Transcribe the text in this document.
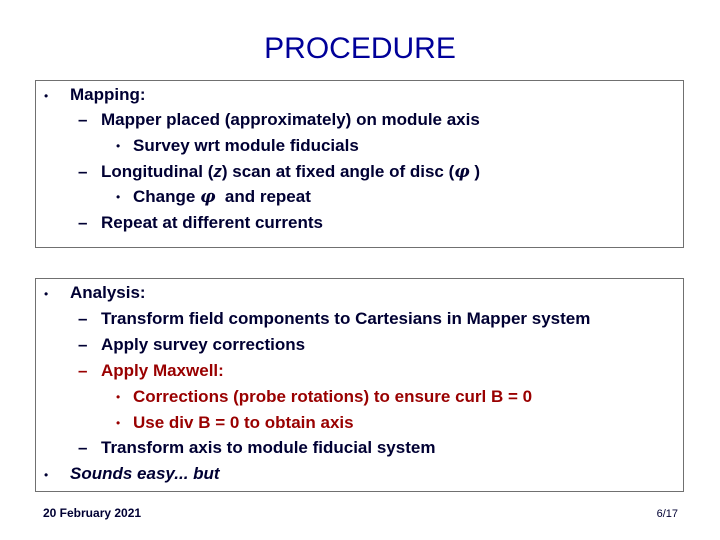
PROCEDURE
• Mapping:
– Mapper placed (approximately) on module axis
• Survey wrt module fiducials
– Longitudinal (z) scan at fixed angle of disc (φ )
• Change φ  and repeat
– Repeat at different currents
• Analysis:
– Transform field components to Cartesians in Mapper system
– Apply survey corrections
– Apply Maxwell:
• Corrections (probe rotations) to ensure curl B = 0
• Use div B = 0 to obtain axis
– Transform axis to module fiducial system
• Sounds easy... but
20 February 2021	6/17
